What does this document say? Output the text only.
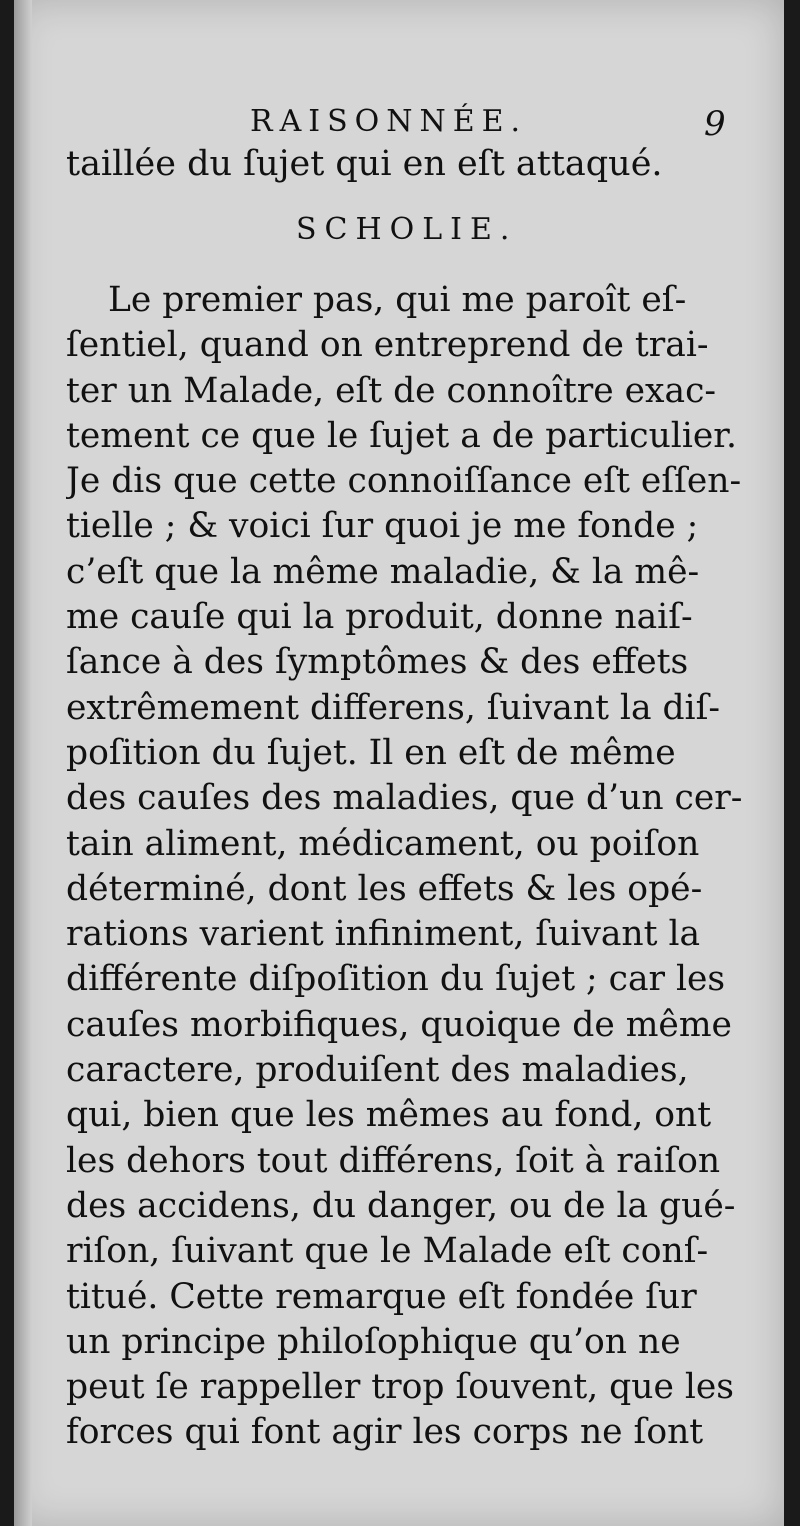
RAISONNÉE.	9
taillée du ſujet qui en eſt attaqué.
SCHOLIE.
Le premier pas, qui me paroît eſ-
ſentiel, quand on entreprend de trai-
ter un Malade, eſt de connoître exac-
tement ce que le ſujet a de particulier.
Je dis que cette connoiſſance eſt eſſen-
tielle ; & voici ſur quoi je me fonde ;
c’eſt que la même maladie, & la mê-
me cauſe qui la produit, donne naiſ-
ſance à des ſymptômes & des effets
extrêmement differens, ſuivant la diſ-
poſition du ſujet. Il en eſt de même
des cauſes des maladies, que d’un cer-
tain aliment, médicament, ou poiſon
déterminé, dont les effets & les opé-
rations varient infiniment, ſuivant la
différente diſpoſition du ſujet ; car les
cauſes morbifiques, quoique de même
caractere, produiſent des maladies,
qui, bien que les mêmes au fond, ont
les dehors tout différens, ſoit à raiſon
des accidens, du danger, ou de la gué-
riſon, ſuivant que le Malade eſt conſ-
titué. Cette remarque eſt fondée ſur
un principe philoſophique qu’on ne
peut ſe rappeller trop ſouvent, que les
forces qui font agir les corps ne ſont
